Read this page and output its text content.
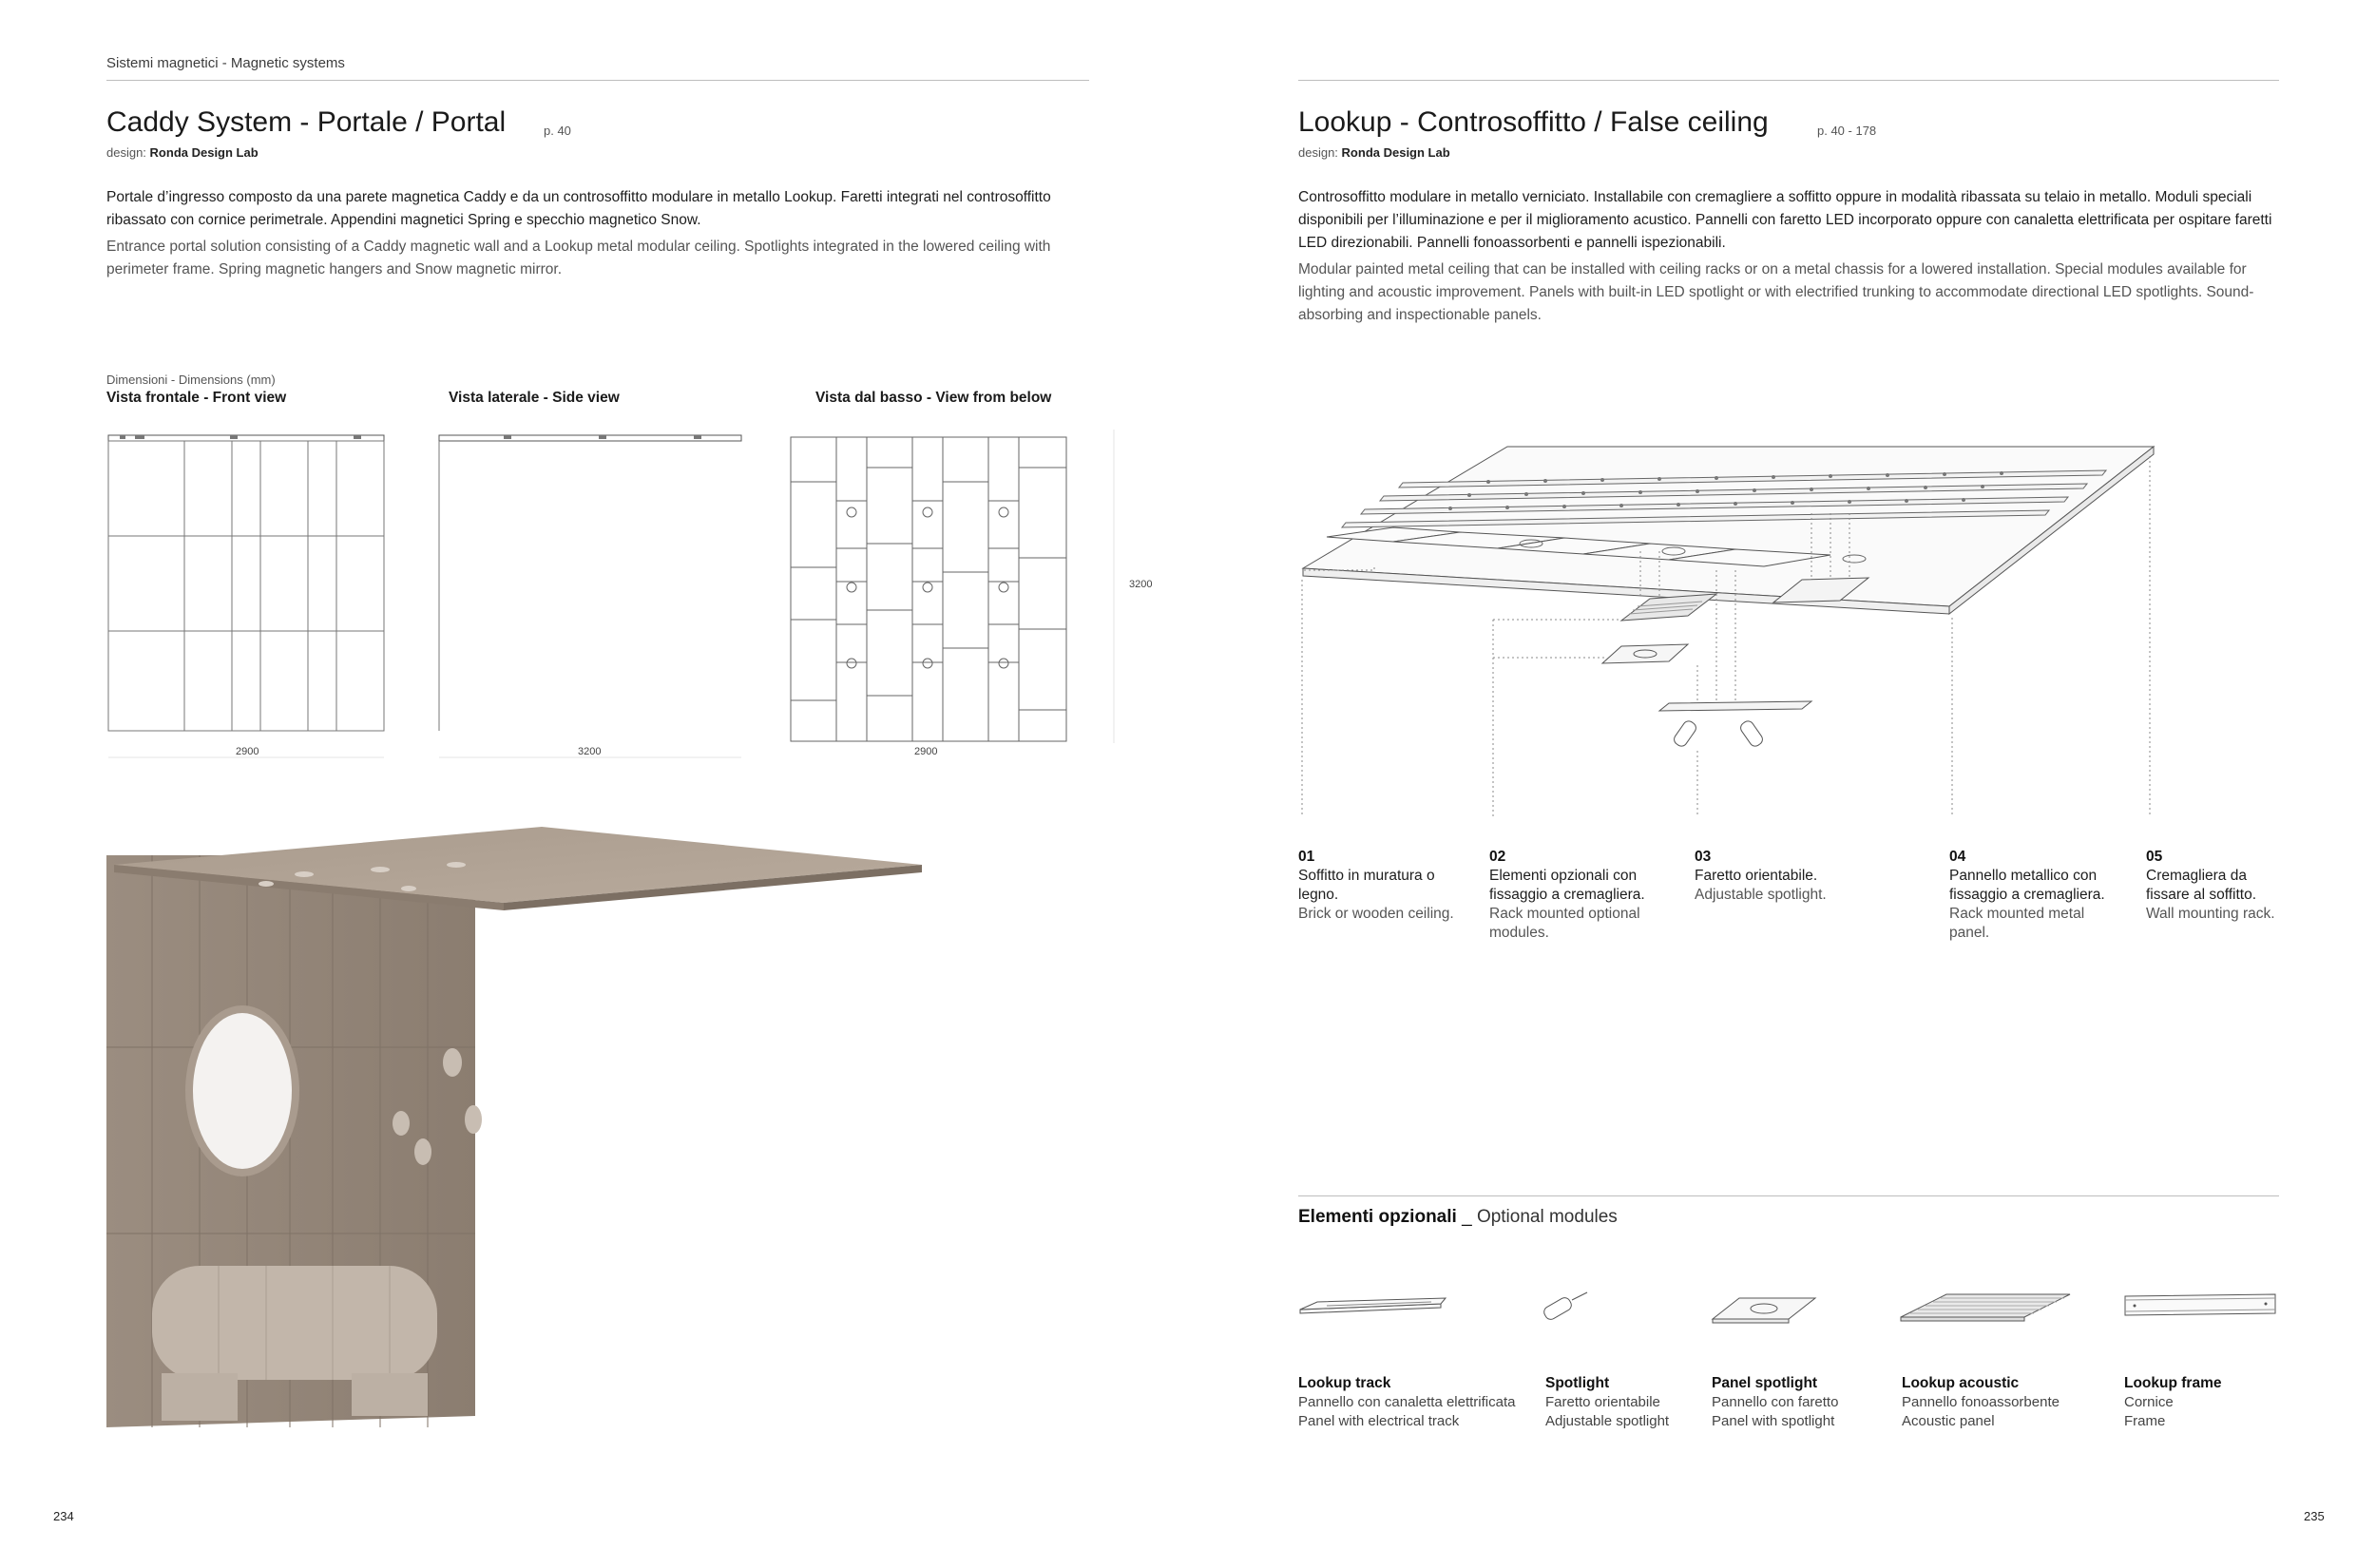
Sistemi magnetici - Magnetic systems
Caddy System - Portale / Portal	p. 40
design: Ronda Design Lab
Portale d’ingresso composto da una parete magnetica Caddy e da un controsoffitto modulare in metallo Lookup. Faretti integrati nel controsoffitto ribassato con cornice perimetrale. Appendini magnetici Spring e specchio magnetico Snow.
Entrance portal solution consisting of a Caddy magnetic wall and a Lookup metal modular ceiling. Spotlights integrated in the lowered ceiling with perimeter frame. Spring magnetic hangers and Snow magnetic mirror.
Dimensioni - Dimensions (mm)
Vista frontale - Front view	Vista laterale - Side view	Vista dal basso - View from below
2900	3200	2900
3200
234
Lookup - Controsoffitto / False ceiling	p. 40 - 178
design: Ronda Design Lab
Controsoffitto modulare in metallo verniciato. Installabile con cremagliere a soffitto oppure in modalità ribassata su telaio in metallo. Moduli speciali disponibili per l’illuminazione e per il miglioramento acustico. Pannelli con faretto LED incorporato oppure con canaletta elettrificata per ospitare faretti LED direzionabili. Pannelli fonoassorbenti e pannelli ispezionabili.
Modular painted metal ceiling that can be installed with ceiling racks or on a metal chassis for a lowered installation. Special modules available for lighting and acoustic improvement. Panels with built-in LED spotlight or with electrified trunking to accommodate directional LED spotlights. Sound-absorbing and inspectionable panels.
01
Soffitto in muratura o legno.
Brick or wooden ceiling.
02
Elementi opzionali con fissaggio a cremagliera.
Rack mounted optional modules.
03
Faretto orientabile.
Adjustable spotlight.
04
Pannello metallico con fissaggio a cremagliera.
Rack mounted metal panel.
05
Cremagliera da fissare al soffitto.
Wall mounting rack.
Elementi opzionali _ Optional modules
Lookup track
Pannello con canaletta elettrificata
Panel with electrical track
Spotlight
Faretto orientabile
Adjustable spotlight
Panel spotlight
Pannello con faretto
Panel with spotlight
Lookup acoustic
Pannello fonoassorbente
Acoustic panel
Lookup frame
Cornice
Frame
235
